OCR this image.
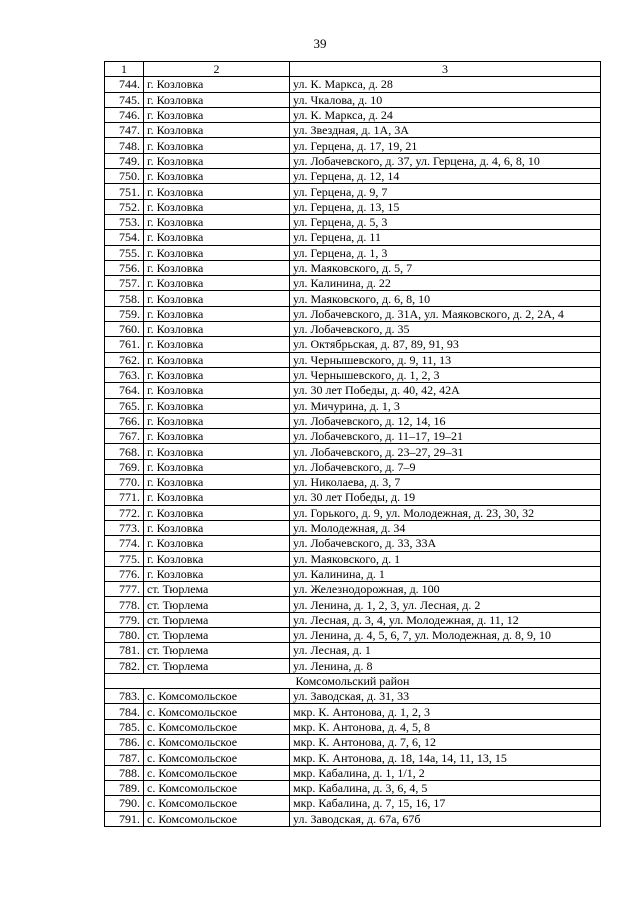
39
1	2	3
744.	г. Козловка	ул. К. Маркса, д. 28
745.	г. Козловка	ул. Чкалова, д. 10
746.	г. Козловка	ул. К. Маркса, д. 24
747.	г. Козловка	ул. Звездная, д. 1А, 3А
748.	г. Козловка	ул. Герцена, д. 17, 19, 21
749.	г. Козловка	ул. Лобачевского, д. 37, ул. Герцена, д. 4, 6, 8, 10
750.	г. Козловка	ул. Герцена, д. 12, 14
751.	г. Козловка	ул. Герцена, д. 9, 7
752.	г. Козловка	ул. Герцена, д. 13, 15
753.	г. Козловка	ул. Герцена, д. 5, 3
754.	г. Козловка	ул. Герцена, д. 11
755.	г. Козловка	ул. Герцена, д. 1, 3
756.	г. Козловка	ул. Маяковского, д. 5, 7
757.	г. Козловка	ул. Калинина, д. 22
758.	г. Козловка	ул. Маяковского, д. 6, 8, 10
759.	г. Козловка	ул. Лобачевского, д. 31А, ул. Маяковского, д. 2, 2А, 4
760.	г. Козловка	ул. Лобачевского, д. 35
761.	г. Козловка	ул. Октябрьская, д. 87, 89, 91, 93
762.	г. Козловка	ул. Чернышевского, д. 9, 11, 13
763.	г. Козловка	ул. Чернышевского, д. 1, 2, 3
764.	г. Козловка	ул. 30 лет Победы, д. 40, 42, 42А
765.	г. Козловка	ул. Мичурина, д. 1, 3
766.	г. Козловка	ул. Лобачевского, д. 12, 14, 16
767.	г. Козловка	ул. Лобачевского, д. 11–17, 19–21
768.	г. Козловка	ул. Лобачевского, д. 23–27, 29–31
769.	г. Козловка	ул. Лобачевского, д. 7–9
770.	г. Козловка	ул. Николаева, д. 3, 7
771.	г. Козловка	ул. 30 лет Победы, д. 19
772.	г. Козловка	ул. Горького, д. 9, ул. Молодежная, д. 23, 30, 32
773.	г. Козловка	ул. Молодежная, д. 34
774.	г. Козловка	ул. Лобачевского, д. 33, 33А
775.	г. Козловка	ул. Маяковского, д. 1
776.	г. Козловка	ул. Калинина, д. 1
777.	ст. Тюрлема	ул. Железнодорожная, д. 100
778.	ст. Тюрлема	ул. Ленина, д. 1, 2, 3, ул. Лесная, д. 2
779.	ст. Тюрлема	ул. Лесная, д. 3, 4, ул. Молодежная, д. 11, 12
780.	ст. Тюрлема	ул. Ленина, д. 4, 5, 6, 7, ул. Молодежная, д. 8, 9, 10
781.	ст. Тюрлема	ул. Лесная, д. 1
782.	ст. Тюрлема	ул. Ленина, д. 8
Комсомольский район		
783.	с. Комсомольское	ул. Заводская, д. 31, 33
784.	с. Комсомольское	мкр. К. Антонова, д. 1, 2, 3
785.	с. Комсомольское	мкр. К. Антонова, д. 4, 5, 8
786.	с. Комсомольское	мкр. К. Антонова, д. 7, 6, 12
787.	с. Комсомольское	мкр. К. Антонова, д. 18, 14а, 14, 11, 13, 15
788.	с. Комсомольское	мкр. Кабалина, д. 1, 1/1, 2
789.	с. Комсомольское	мкр. Кабалина, д. 3, 6, 4, 5
790.	с. Комсомольское	мкр. Кабалина, д. 7, 15, 16, 17
791.	с. Комсомольское	ул. Заводская, д. 67а, 67б
